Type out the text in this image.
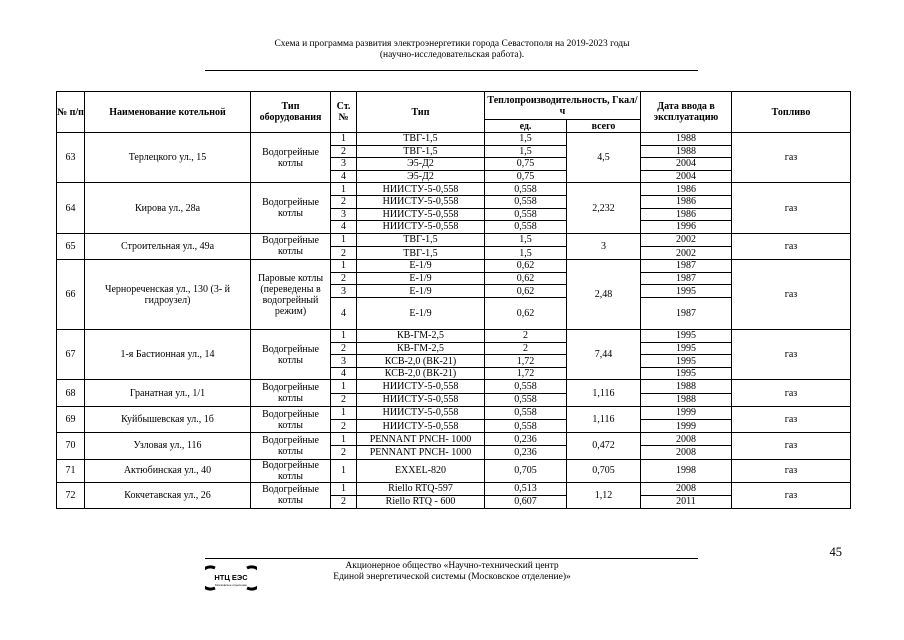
Схема и программа развития электроэнергетики города Севастополя на 2019-2023 годы
(научно-исследовательская работа).
№ п/п	Наименование котельной	Тип оборудования	Ст. №	Тип	Теплопроизводительность, Гкал/ч		Дата ввода в эксплуатацию	Топливо
					ед.	всего		
63	Терлецкого ул., 15	Водогрейные котлы	1	ТВГ-1,5	1,5	4,5	1988	газ
			2	ТВГ-1,5	1,5		1988	
			3	Э5-Д2	0,75		2004	
			4	Э5-Д2	0,75		2004	
64	Кирова ул., 28а	Водогрейные котлы	1	НИИСТУ-5-0,558	0,558	2,232	1986	газ
			2	НИИСТУ-5-0,558	0,558		1986	
			3	НИИСТУ-5-0,558	0,558		1986	
			4	НИИСТУ-5-0,558	0,558		1996	
65	Строительная ул., 49а	Водогрейные котлы	1	ТВГ-1,5	1,5	3	2002	газ
			2	ТВГ-1,5	1,5		2002	
66	Чернореченская ул., 130 (3- й гидроузел)	Паровые котлы (переведены в водогрейный режим)	1	Е-1/9	0,62	2,48	1987	газ
			2	Е-1/9	0,62		1987	
			3	Е-1/9	0,62		1995	
			4	Е-1/9	0,62		1987	
67	1-я Бастионная ул., 14	Водогрейные котлы	1	КВ-ГМ-2,5	2	7,44	1995	газ
			2	КВ-ГМ-2,5	2		1995	
			3	КСВ-2,0 (ВК-21)	1,72		1995	
			4	КСВ-2,0 (ВК-21)	1,72		1995	
68	Гранатная ул., 1/1	Водогрейные котлы	1	НИИСТУ-5-0,558	0,558	1,116	1988	газ
			2	НИИСТУ-5-0,558	0,558		1988	
69	Куйбышевская ул., 1б	Водогрейные котлы	1	НИИСТУ-5-0,558	0,558	1,116	1999	газ
			2	НИИСТУ-5-0,558	0,558		1999	
70	Узловая ул., 116	Водогрейные котлы	1	PENNANT PNCH- 1000	0,236	0,472	2008	газ
			2	PENNANT PNCH- 1000	0,236		2008	
71	Актюбинская ул., 40	Водогрейные котлы	1	EXXEL-820	0,705	0,705	1998	газ
72	Кокчетавская ул., 26	Водогрейные котлы	1	Riello RTQ-597	0,513	1,12	2008	газ
			2	Riello RTQ - 600	0,607		2011	
45
НТЦ ЕЭС
Московское отделение
Акционерное общество «Научно-технический центр
Единой энергетической системы (Московское отделение)»
